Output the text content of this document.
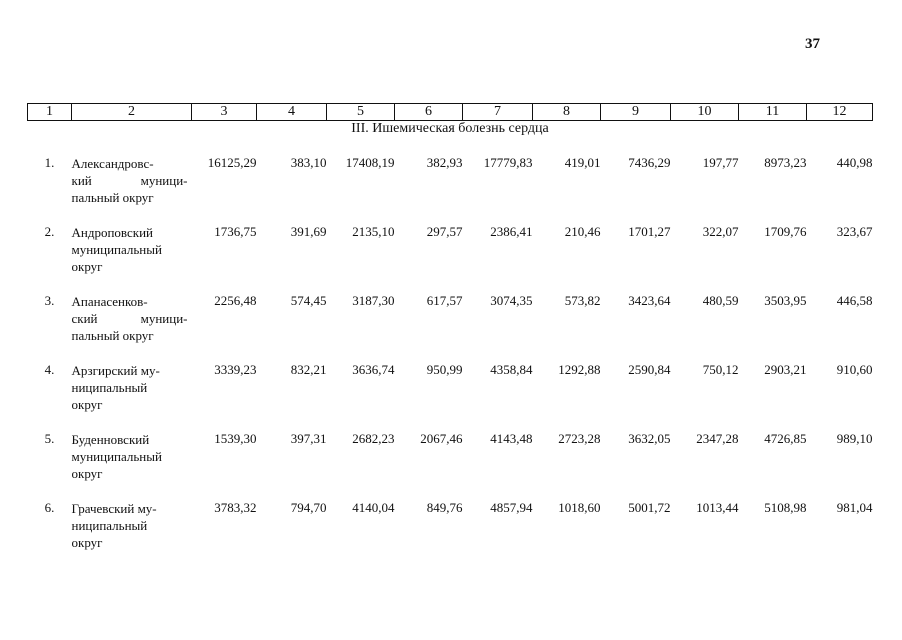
37
1	2	3	4	5	6	7	8	9	10	11	12
III. Ишемическая болезнь сердца											
1.	Александровс-
кий муници-
пальный округ	16125,29	383,10	17408,19	382,93	17779,83	419,01	7436,29	197,77	8973,23	440,98
2.	Андроповский
муниципальный
округ	1736,75	391,69	2135,10	297,57	2386,41	210,46	1701,27	322,07	1709,76	323,67
3.	Апанасенков-
ский муници-
пальный округ	2256,48	574,45	3187,30	617,57	3074,35	573,82	3423,64	480,59	3503,95	446,58
4.	Арзгирский му-
ниципальный
округ	3339,23	832,21	3636,74	950,99	4358,84	1292,88	2590,84	750,12	2903,21	910,60
5.	Буденновский
муниципальный
округ	1539,30	397,31	2682,23	2067,46	4143,48	2723,28	3632,05	2347,28	4726,85	989,10
6.	Грачевский му-
ниципальный
округ	3783,32	794,70	4140,04	849,76	4857,94	1018,60	5001,72	1013,44	5108,98	981,04
